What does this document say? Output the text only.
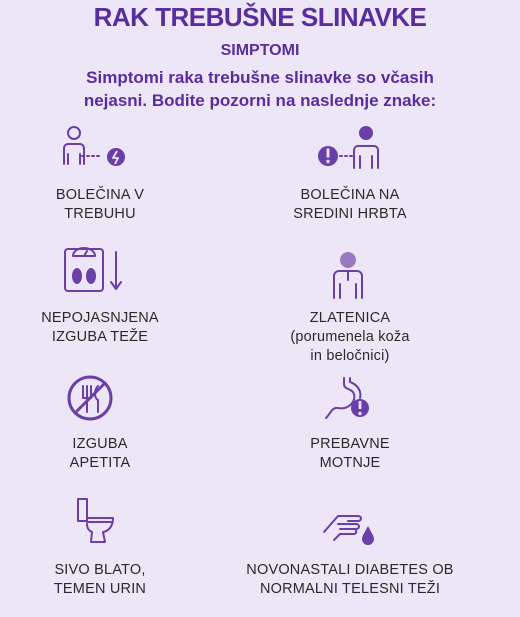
RAK TREBUŠNE SLINAVKE
SIMPTOMI
Simptomi raka trebušne slinavke so včasih
nejasni. Bodite pozorni na naslednje znake:
BOLEČINA V
TREBUHU
BOLEČINA NA
SREDINI HRBTA
NEPOJASNJENA
IZGUBA TEŽE
ZLATENICA
(porumenela koža
in beločnici)
IZGUBA
APETITA
PREBAVNE
MOTNJE
SIVO BLATO,
TEMEN URIN
NOVONASTALI DIABETES OB
NORMALNI TELESNI TEŽI
